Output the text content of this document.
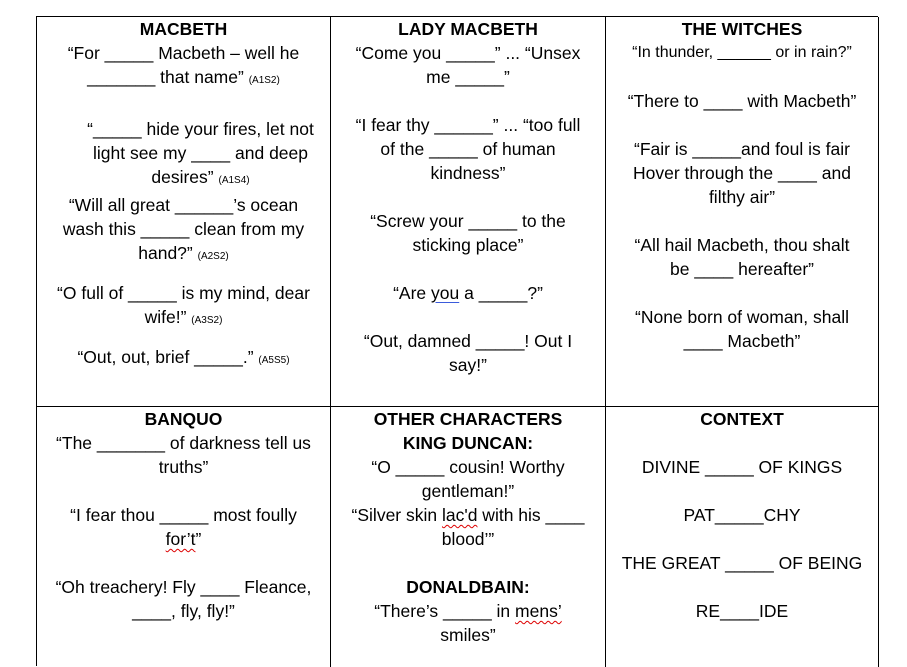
MACBETH

“For _____ Macbeth – well he
_______ that name” (A1S2)

“_____ hide your fires, let not
light see my ____ and deep
desires” (A1S4)

“Will all great ______’s ocean
wash this _____ clean from my
hand?” (A2S2)

“O full of _____ is my mind, dear
wife!” (A3S2)

“Out, out, brief _____.” (A5S5)

LADY MACBETH

“Come you _____” ... “Unsex
me _____”

“I fear thy ______” ... “too full
of the _____ of human
kindness”

“Screw your _____ to the
sticking place”

“Are you a _____?”

“Out, damned _____! Out I
say!”

THE WITCHES

“In thunder, ______ or in rain?”

“There to ____ with Macbeth”

“Fair is _____and foul is fair
Hover through the ____ and
filthy air”

“All hail Macbeth, thou shalt
be ____ hereafter”

“None born of woman, shall
____ Macbeth”

BANQUO

“The _______ of darkness tell us
truths”

“I fear thou _____ most foully
for’t”

“Oh treachery! Fly ____ Fleance,
____, fly, fly!”

OTHER CHARACTERS

KING DUNCAN:

“O _____ cousin! Worthy
gentleman!”

“Silver skin lac'd with his ____
blood’”

DONALDBAIN:

“There’s _____ in mens’
smiles”

CONTEXT

DIVINE _____ OF KINGS

PAT_____CHY

THE GREAT _____ OF BEING

RE____IDE
